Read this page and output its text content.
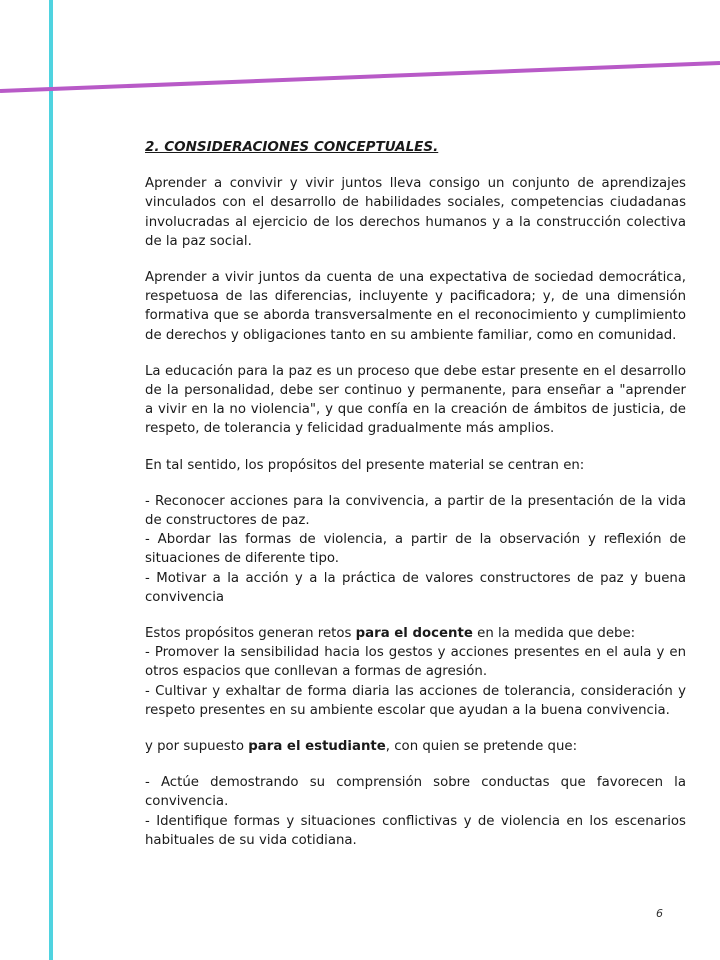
2. CONSIDERACIONES CONCEPTUALES.
Aprender a convivir y vivir juntos lleva consigo un conjunto de aprendizajes vinculados con el desarrollo de habilidades sociales, competencias ciudadanas involucradas al ejercicio de los derechos humanos y a la construcción colectiva de la paz social.
Aprender a vivir juntos da cuenta de una expectativa de sociedad democrática, respetuosa de las diferencias, incluyente y pacificadora; y, de una dimensión formativa que se aborda transversalmente en el reconocimiento y cumplimiento de derechos y obligaciones tanto en su ambiente familiar, como en comunidad.
La educación para la paz es un proceso que debe estar presente en el desarrollo de la personalidad, debe ser continuo y permanente, para enseñar a "aprender a vivir en la no violencia", y que confía en la creación de ámbitos de justicia, de respeto, de tolerancia y felicidad gradualmente más amplios.
En tal sentido, los propósitos del presente material se centran en:
- Reconocer acciones para la convivencia, a partir de la presentación de la vida de constructores de paz.
- Abordar las formas de violencia, a partir de la observación y reflexión de situaciones de diferente tipo.
- Motivar a la acción y a la práctica de valores constructores de paz y buena convivencia
Estos propósitos generan retos para el docente en la medida que debe:
- Promover la sensibilidad hacia los gestos y acciones presentes en el aula y en otros espacios que conllevan a formas de agresión.
- Cultivar y exhaltar de forma diaria las acciones de tolerancia, consideración y respeto presentes en su ambiente escolar que ayudan a la buena convivencia.
y por supuesto para el estudiante, con quien se pretende que:
- Actúe demostrando su comprensión sobre conductas que favorecen la convivencia.
- Identifique formas y situaciones conflictivas y de violencia en los escenarios habituales de su vida cotidiana.
6
